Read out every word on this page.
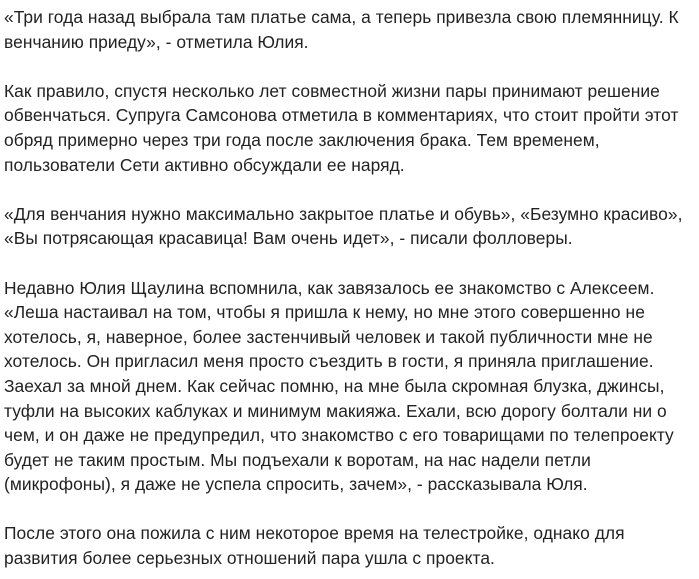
«Три года назад выбрала там платье сама, а теперь привезла свою племянницу. К
венчанию приеду», - отметила Юлия.

Как правило, спустя несколько лет совместной жизни пары принимают решение
обвенчаться. Супруга Самсонова отметила в комментариях, что стоит пройти этот
обряд примерно через три года после заключения брака. Тем временем,
пользователи Сети активно обсуждали ее наряд.

«Для венчания нужно максимально закрытое платье и обувь», «Безумно красиво»,
«Вы потрясающая красавица! Вам очень идет», - писали фолловеры.

Недавно Юлия Щаулина вспомнила, как завязалось ее знакомство с Алексеем.
«Леша настаивал на том, чтобы я пришла к нему, но мне этого совершенно не
хотелось, я, наверное, более застенчивый человек и такой публичности мне не
хотелось. Он пригласил меня просто съездить в гости, я приняла приглашение.
Заехал за мной днем. Как сейчас помню, на мне была скромная блузка, джинсы,
туфли на высоких каблуках и минимум макияжа. Ехали, всю дорогу болтали ни о
чем, и он даже не предупредил, что знакомство с его товарищами по телепроекту
будет не таким простым. Мы подъехали к воротам, на нас надели петли
(микрофоны), я даже не успела спросить, зачем», - рассказывала Юля.

После этого она пожила с ним некоторое время на телестройке, однако для
развития более серьезных отношений пара ушла с проекта.
